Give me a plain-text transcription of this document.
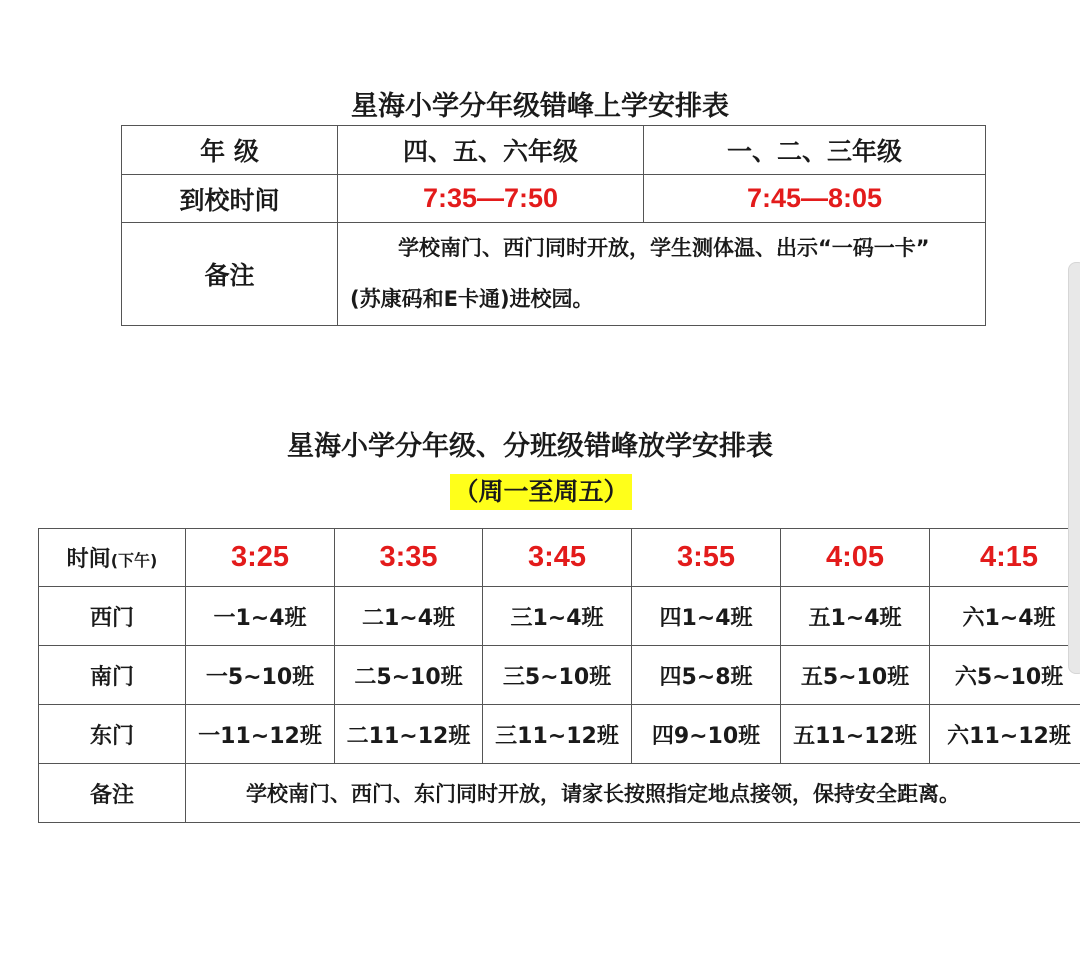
星海小学分年级错峰上学安排表
年 级	四、五、六年级	一、二、三年级
到校时间	7:35—7:50	7:45—8:05
备注	学校南门、西门同时开放，学生测体温、出示“一码一卡”
(苏康码和E卡通)进校园。	
星海小学分年级、分班级错峰放学安排表
（周一至周五）
时间(下午)	3:25	3:35	3:45	3:55	4:05	4:15
西门	一1~4班	二1~4班	三1~4班	四1~4班	五1~4班	六1~4班
南门	一5~10班	二5~10班	三5~10班	四5~8班	五5~10班	六5~10班
东门	一11~12班	二11~12班	三11~12班	四9~10班	五11~12班	六11~12班
备注	学校南门、西门、东门同时开放，请家长按照指定地点接领，保持安全距离。					
